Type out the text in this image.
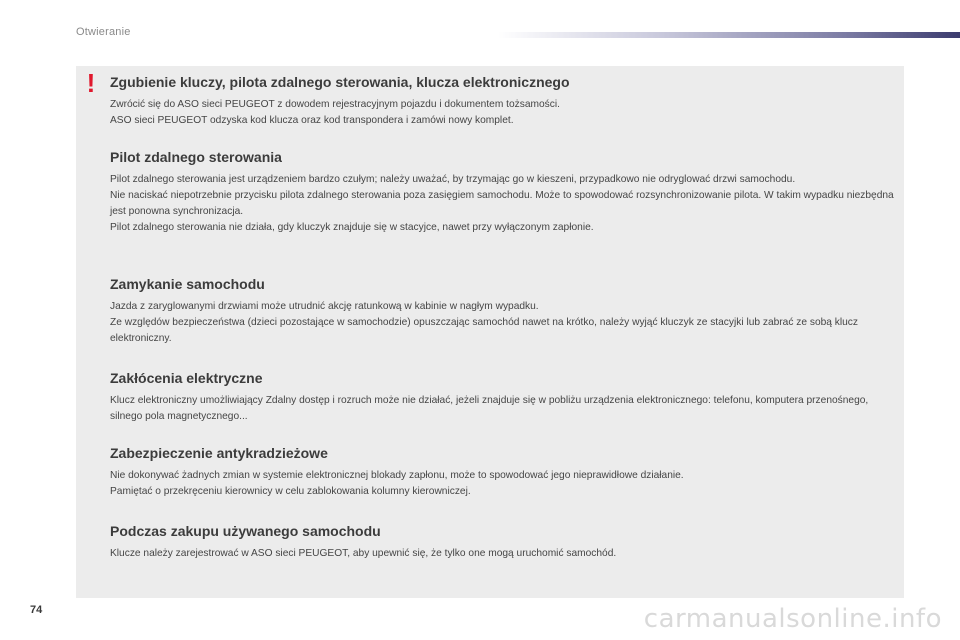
Otwieranie
! Zgubienie kluczy, pilota zdalnego sterowania, klucza elektronicznego

Zwrócić się do ASO sieci PEUGEOT z dowodem rejestracyjnym pojazdu i dokumentem tożsamości.

ASO sieci PEUGEOT odzyska kod klucza oraz kod transpondera i zamówi nowy komplet.

Pilot zdalnego sterowania

Pilot zdalnego sterowania jest urządzeniem bardzo czułym; należy uważać, by trzymając go w kieszeni, przypadkowo nie odryglować drzwi samochodu.

Nie naciskać niepotrzebnie przycisku pilota zdalnego sterowania poza zasięgiem samochodu. Może to spowodować rozsynchronizowanie pilota. W takim wypadku niezbędna jest ponowna synchronizacja.

Pilot zdalnego sterowania nie działa, gdy kluczyk znajduje się w stacyjce, nawet przy wyłączonym zapłonie.

Zamykanie samochodu

Jazda z zaryglowanymi drzwiami może utrudnić akcję ratunkową w kabinie w nagłym wypadku.

Ze względów bezpieczeństwa (dzieci pozostające w samochodzie) opuszczając samochód nawet na krótko, należy wyjąć kluczyk ze stacyjki lub zabrać ze sobą klucz elektroniczny.

Zakłócenia elektryczne

Klucz elektroniczny umożliwiający Zdalny dostęp i rozruch może nie działać, jeżeli znajduje się w pobliżu urządzenia elektronicznego: telefonu, komputera przenośnego, silnego pola magnetycznego...

Zabezpieczenie antykradzieżowe

Nie dokonywać żadnych zmian w systemie elektronicznej blokady zapłonu, może to spowodować jego nieprawidłowe działanie.

Pamiętać o przekręceniu kierownicy w celu zablokowania kolumny kierowniczej.

Podczas zakupu używanego samochodu

Klucze należy zarejestrować w ASO sieci PEUGEOT, aby upewnić się, że tylko one mogą uruchomić samochód.

74	carmanualsonline.info
